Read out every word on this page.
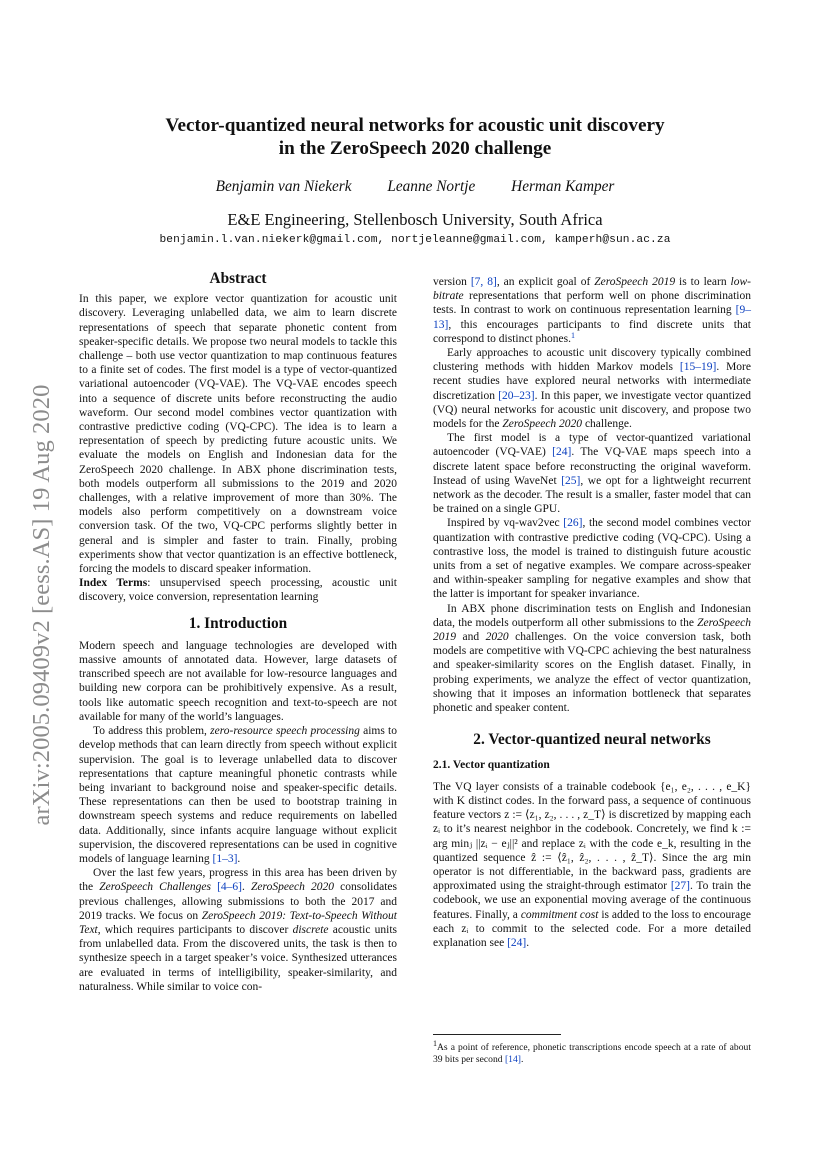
arXiv:2005.09409v2 [eess.AS] 19 Aug 2020
Vector-quantized neural networks for acoustic unit discovery
in the ZeroSpeech 2020 challenge
Benjamin van Niekerk Leanne Nortje Herman Kamper
E&E Engineering, Stellenbosch University, South Africa
benjamin.l.van.niekerk@gmail.com, nortjeleanne@gmail.com, kamperh@sun.ac.za
Abstract

In this paper, we explore vector quantization for acoustic unit discovery. Leveraging unlabelled data, we aim to learn discrete representations of speech that separate phonetic content from speaker-specific details. We propose two neural models to tackle this challenge – both use vector quantization to map continuous features to a finite set of codes. The first model is a type of vector-quantized variational autoencoder (VQ-VAE). The VQ-VAE encodes speech into a sequence of discrete units before reconstructing the audio waveform. Our second model combines vector quantization with contrastive predictive coding (VQ-CPC). The idea is to learn a representation of speech by predicting future acoustic units. We evaluate the models on English and Indonesian data for the ZeroSpeech 2020 challenge. In ABX phone discrimination tests, both models outperform all submissions to the 2019 and 2020 challenges, with a relative improvement of more than 30%. The models also perform competitively on a downstream voice conversion task. Of the two, VQ-CPC performs slightly better in general and is simpler and faster to train. Finally, probing experiments show that vector quantization is an effective bottleneck, forcing the models to discard speaker information.

Index Terms: unsupervised speech processing, acoustic unit discovery, voice conversion, representation learning

1. Introduction

Modern speech and language technologies are developed with massive amounts of annotated data. However, large datasets of transcribed speech are not available for low-resource languages and building new corpora can be prohibitively expensive. As a result, tools like automatic speech recognition and text-to-speech are not available for many of the world’s languages.

To address this problem, zero-resource speech processing aims to develop methods that can learn directly from speech without explicit supervision. The goal is to leverage unlabelled data to discover representations that capture meaningful phonetic contrasts while being invariant to background noise and speaker-specific details. These representations can then be used to bootstrap training in downstream speech systems and reduce requirements on labelled data. Additionally, since infants acquire language without explicit supervision, the discovered representations can be used in cognitive models of language learning [1–3].

Over the last few years, progress in this area has been driven by the ZeroSpeech Challenges [4–6]. ZeroSpeech 2020 consolidates previous challenges, allowing submissions to both the 2017 and 2019 tracks. We focus on ZeroSpeech 2019: Text-to-Speech Without Text, which requires participants to discover discrete acoustic units from unlabelled data. From the discovered units, the task is then to synthesize speech in a target speaker’s voice. Synthesized utterances are evaluated in terms of intelligibility, speaker-similarity, and naturalness. While similar to voice con-

version [7, 8], an explicit goal of ZeroSpeech 2019 is to learn low-bitrate representations that perform well on phone discrimination tests. In contrast to work on continuous representation learning [9–13], this encourages participants to find discrete units that correspond to distinct phones.$^1$

Early approaches to acoustic unit discovery typically combined clustering methods with hidden Markov models [15–19]. More recent studies have explored neural networks with intermediate discretization [20–23]. In this paper, we investigate vector quantized (VQ) neural networks for acoustic unit discovery, and propose two models for the ZeroSpeech 2020 challenge.

The first model is a type of vector-quantized variational autoencoder (VQ-VAE) [24]. The VQ-VAE maps speech into a discrete latent space before reconstructing the original waveform. Instead of using WaveNet [25], we opt for a lightweight recurrent network as the decoder. The result is a smaller, faster model that can be trained on a single GPU.

Inspired by vq-wav2vec [26], the second model combines vector quantization with contrastive predictive coding (VQ-CPC). Using a contrastive loss, the model is trained to distinguish future acoustic units from a set of negative examples. We compare across-speaker and within-speaker sampling for negative examples and show that the latter is important for speaker invariance.

In ABX phone discrimination tests on English and Indonesian data, the models outperform all other submissions to the ZeroSpeech 2019 and 2020 challenges. On the voice conversion task, both models are competitive with VQ-CPC achieving the best naturalness and speaker-similarity scores on the English dataset. Finally, in probing experiments, we analyze the effect of vector quantization, showing that it imposes an information bottleneck that separates phonetic and speaker content.

2. Vector-quantized neural networks
2.1. Vector quantization

The VQ layer consists of a trainable codebook {e₁, e₂, . . . , e_K} with K distinct codes. In the forward pass, a sequence of continuous feature vectors z := ⟨z₁, z₂, . . . , z_T⟩ is discretized by mapping each zᵢ to it’s nearest neighbor in the codebook. Concretely, we find k := arg minⱼ ||zᵢ − eⱼ||² and replace zᵢ with the code e_k, resulting in the quantized sequence ẑ := ⟨ẑ₁, ẑ₂, . . . , ẑ_T⟩. Since the arg min operator is not differentiable, in the backward pass, gradients are approximated using the straight-through estimator [27]. To train the codebook, we use an exponential moving average of the continuous features. Finally, a commitment cost is added to the loss to encourage each zᵢ to commit to the selected code. For a more detailed explanation see [24].

$^1$As a point of reference, phonetic transcriptions encode speech at a rate of about 39 bits per second [14].
